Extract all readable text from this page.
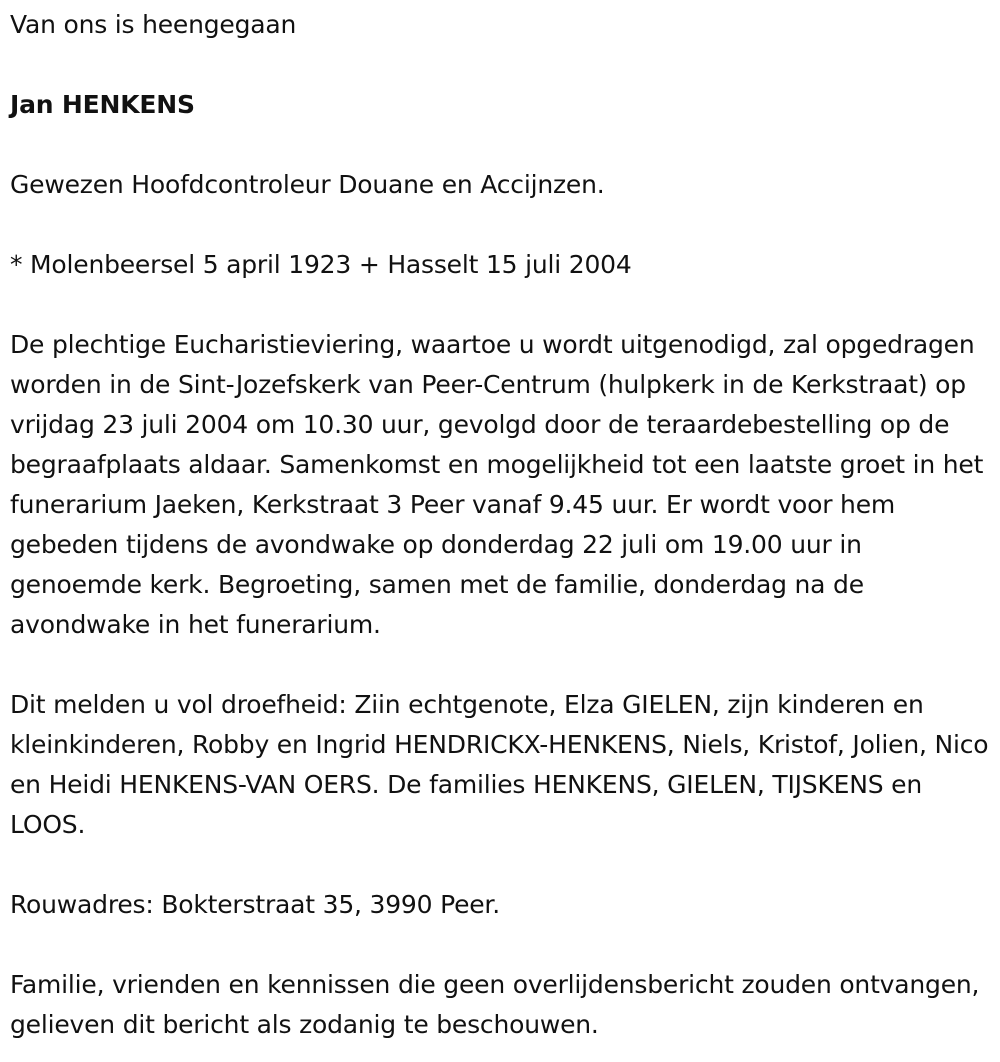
Van ons is heengegaan

Jan HENKENS

Gewezen Hoofdcontroleur Douane en Accijnzen.

* Molenbeersel 5 april 1923 + Hasselt 15 juli 2004

De plechtige Eucharistieviering, waartoe u wordt uitgenodigd, zal opgedragen worden in de Sint-Jozefskerk van Peer-Centrum (hulpkerk in de Kerkstraat) op vrijdag 23 juli 2004 om 10.30 uur, gevolgd door de teraardebestelling op de begraafplaats aldaar. Samenkomst en mogelijkheid tot een laatste groet in het funerarium Jaeken, Kerkstraat 3 Peer vanaf 9.45 uur. Er wordt voor hem gebeden tijdens de avondwake op donderdag 22 juli om 19.00 uur in genoemde kerk. Begroeting, samen met de familie, donderdag na de avondwake in het funerarium.

Dit melden u vol droefheid: Ziin echtgenote, Elza GIELEN, zijn kinderen en kleinkinderen, Robby en Ingrid HENDRICKX-HENKENS, Niels, Kristof, Jolien, Nico en Heidi HENKENS-VAN OERS. De families HENKENS, GIELEN, TIJSKENS en LOOS.

Rouwadres: Bokterstraat 35, 3990 Peer.

Familie, vrienden en kennissen die geen overlijdensbericht zouden ontvangen, gelieven dit bericht als zodanig te beschouwen.
